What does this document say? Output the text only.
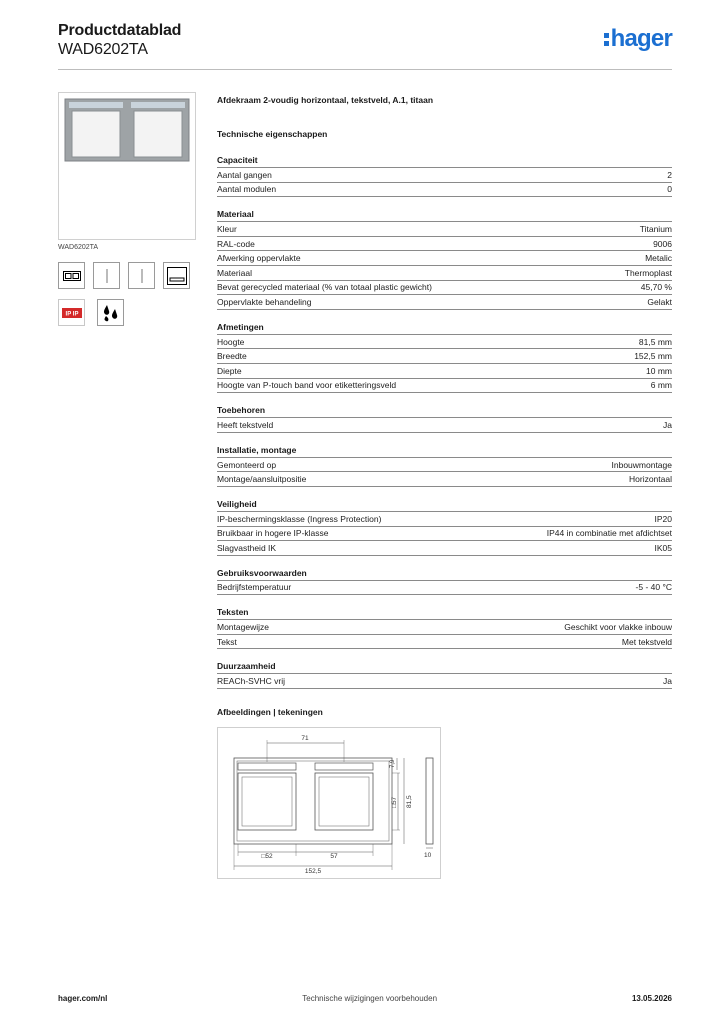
Productdatablad
WAD6202TA	hager
WAD6202TA
IP IP
Afdekraam 2-voudig horizontaal, tekstveld, A.1, titaan
Technische eigenschappen
Capaciteit
Aantal gangen	2
Aantal modulen	0
Materiaal
Kleur	Titanium
RAL-code	9006
Afwerking oppervlakte	Metalic
Materiaal	Thermoplast
Bevat gerecycled materiaal (% van totaal plastic gewicht)	45,70 %
Oppervlakte behandeling	Gelakt
Afmetingen
Hoogte	81,5 mm
Breedte	152,5 mm
Diepte	10 mm
Hoogte van P-touch band voor etiketteringsveld	6 mm
Toebehoren
Heeft tekstveld	Ja
Installatie, montage
Gemonteerd op	Inbouwmontage
Montage/aansluitpositie	Horizontaal
Veiligheid
IP-beschermingsklasse (Ingress Protection)	IP20
Bruikbaar in hogere IP-klasse	IP44 in combinatie met afdichtset
Slagvastheid IK	IK05
Gebruiksvoorwaarden
Bedrijfstemperatuur	-5 - 40 °C
Teksten
Montagewijze	Geschikt voor vlakke inbouw
Tekst	Met tekstveld
Duurzaamheid
REACh-SVHC vrij	Ja
Afbeeldingen | tekeningen
71
7,9
□57 81,5
□52	57
152,5
10
hager.com/nl	Technische wijzigingen voorbehouden	13.05.2026
